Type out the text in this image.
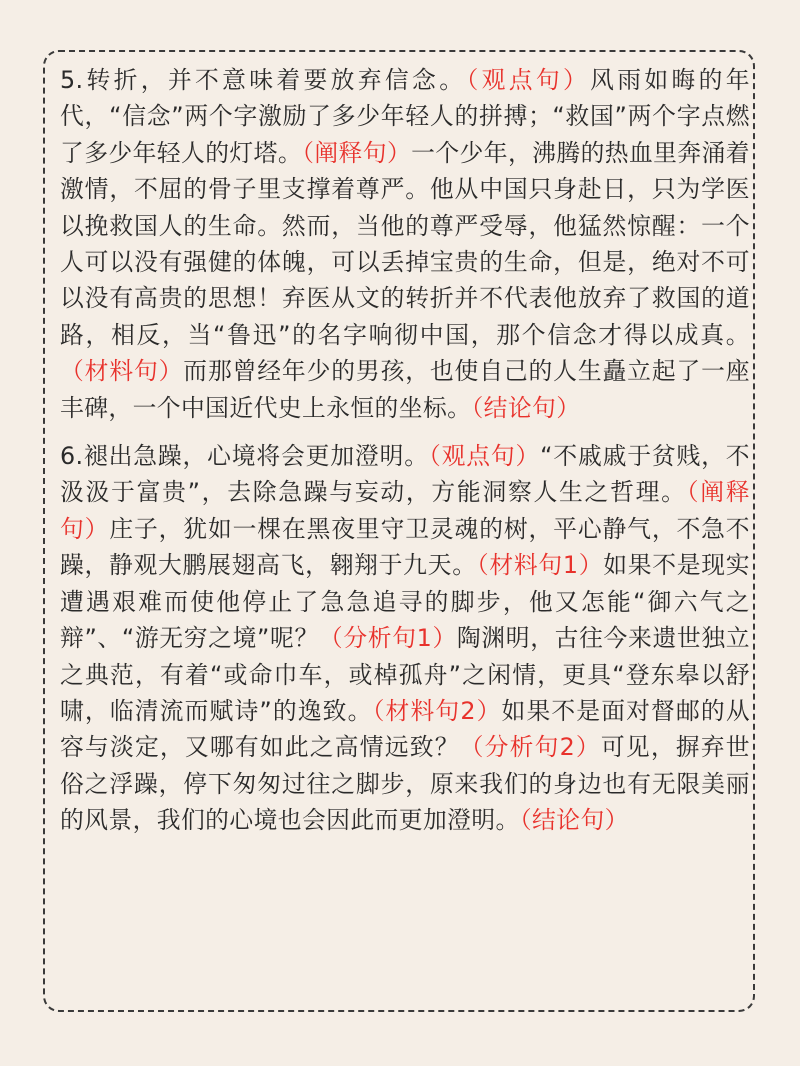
5.转折，并不意味着要放弃信念。（观点句）风雨如晦的年代，“信念”两个字激励了多少年轻人的拼搏；“救国”两个字点燃了多少年轻人的灯塔。（阐释句）一个少年，沸腾的热血里奔涌着激情，不屈的骨子里支撑着尊严。他从中国只身赴日，只为学医以挽救国人的生命。然而，当他的尊严受辱，他猛然惊醒：一个人可以没有强健的体魄，可以丢掉宝贵的生命，但是，绝对不可以没有高贵的思想！弃医从文的转折并不代表他放弃了救国的道路，相反，当“鲁迅”的名字响彻中国，那个信念才得以成真。（材料句）而那曾经年少的男孩，也使自己的人生矗立起了一座丰碑，一个中国近代史上永恒的坐标。（结论句）

6.褪出急躁，心境将会更加澄明。（观点句）“不戚戚于贫贱，不汲汲于富贵”，去除急躁与妄动，方能洞察人生之哲理。（阐释句）庄子，犹如一棵在黑夜里守卫灵魂的树，平心静气，不急不躁，静观大鹏展翅高飞，翱翔于九天。（材料句1）如果不是现实遭遇艰难而使他停止了急急追寻的脚步，他又怎能“御六气之辩”、“游无穷之境”呢？（分析句1）陶渊明，古往今来遗世独立之典范，有着“或命巾车，或棹孤舟”之闲情，更具“登东皋以舒啸，临清流而赋诗”的逸致。（材料句2）如果不是面对督邮的从容与淡定，又哪有如此之高情远致？（分析句2）可见，摒弃世俗之浮躁，停下匆匆过往之脚步，原来我们的身边也有无限美丽的风景，我们的心境也会因此而更加澄明。（结论句）
